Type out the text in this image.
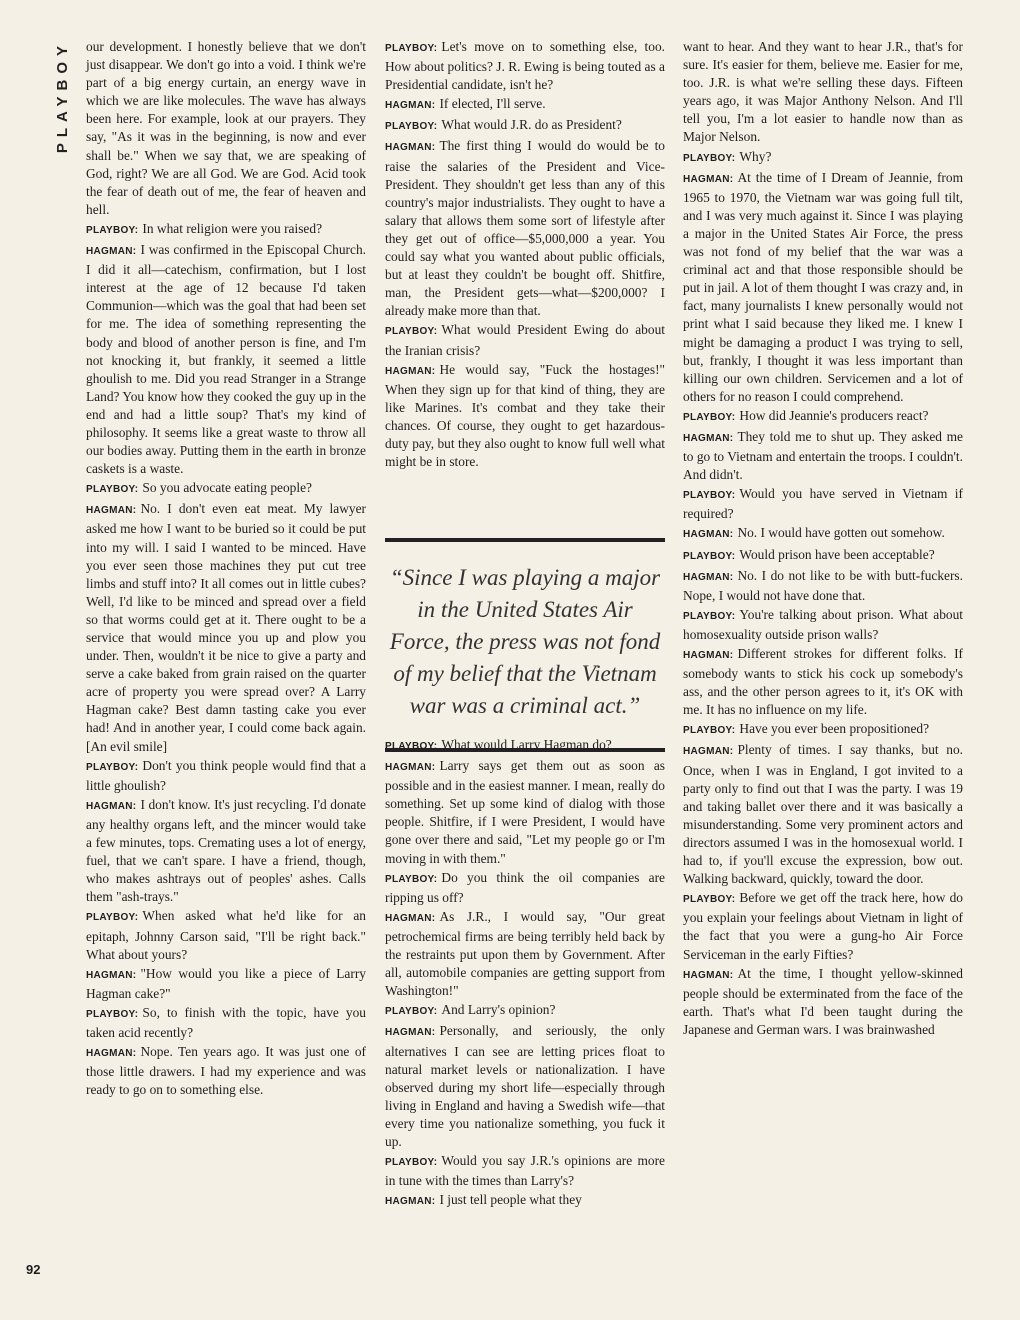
PLAYBOY
92

our development. I honestly believe that we don't just disappear. We don't go into a void. I think we're part of a big energy curtain, an energy wave in which we are like molecules. The wave has always been here. For example, look at our prayers. They say, "As it was in the beginning, is now and ever shall be." When we say that, we are speaking of God, right? We are all God. We are God. Acid took the fear of death out of me, the fear of heaven and hell.

PLAYBOY: In what religion were you raised?

HAGMAN: I was confirmed in the Episcopal Church. I did it all—catechism, confirmation, but I lost interest at the age of 12 because I'd taken Communion—which was the goal that had been set for me. The idea of something representing the body and blood of another person is fine, and I'm not knocking it, but frankly, it seemed a little ghoulish to me. Did you read Stranger in a Strange Land? You know how they cooked the guy up in the end and had a little soup? That's my kind of philosophy. It seems like a great waste to throw all our bodies away. Putting them in the earth in bronze caskets is a waste.

PLAYBOY: So you advocate eating people?

HAGMAN: No. I don't even eat meat. My lawyer asked me how I want to be buried so it could be put into my will. I said I wanted to be minced. Have you ever seen those machines they put cut tree limbs and stuff into? It all comes out in little cubes? Well, I'd like to be minced and spread over a field so that worms could get at it. There ought to be a service that would mince you up and plow you under. Then, wouldn't it be nice to give a party and serve a cake baked from grain raised on the quarter acre of property you were spread over? A Larry Hagman cake? Best damn tasting cake you ever had! And in another year, I could come back again. [An evil smile]

PLAYBOY: Don't you think people would find that a little ghoulish?

HAGMAN: I don't know. It's just recycling. I'd donate any healthy organs left, and the mincer would take a few minutes, tops. Cremating uses a lot of energy, fuel, that we can't spare. I have a friend, though, who makes ashtrays out of peoples' ashes. Calls them "ash-trays."

PLAYBOY: When asked what he'd like for an epitaph, Johnny Carson said, "I'll be right back." What about yours?

HAGMAN: "How would you like a piece of Larry Hagman cake?"

PLAYBOY: So, to finish with the topic, have you taken acid recently?

HAGMAN: Nope. Ten years ago. It was just one of those little drawers. I had my experience and was ready to go on to something else.

PLAYBOY: Let's move on to something else, too. How about politics? J. R. Ewing is being touted as a Presidential candidate, isn't he?

HAGMAN: If elected, I'll serve.

PLAYBOY: What would J.R. do as President?

HAGMAN: The first thing I would do would be to raise the salaries of the President and Vice-President. They shouldn't get less than any of this country's major industrialists. They ought to have a salary that allows them some sort of lifestyle after they get out of office—$5,000,000 a year. You could say what you wanted about public officials, but at least they couldn't be bought off. Shitfire, man, the President gets—what—$200,000? I already make more than that.

PLAYBOY: What would President Ewing do about the Iranian crisis?

HAGMAN: He would say, "Fuck the hostages!" When they sign up for that kind of thing, they are like Marines. It's combat and they take their chances. Of course, they ought to get hazardous-duty pay, but they also ought to know full well what might be in store.

“Since I was playing a major in the United States Air Force, the press was not fond of my belief that the Vietnam war was a criminal act.”

PLAYBOY: What would Larry Hagman do?

HAGMAN: Larry says get them out as soon as possible and in the easiest manner. I mean, really do something. Set up some kind of dialog with those people. Shitfire, if I were President, I would have gone over there and said, "Let my people go or I'm moving in with them."

PLAYBOY: Do you think the oil companies are ripping us off?

HAGMAN: As J.R., I would say, "Our great petrochemical firms are being terribly held back by the restraints put upon them by Government. After all, automobile companies are getting support from Washington!"

PLAYBOY: And Larry's opinion?

HAGMAN: Personally, and seriously, the only alternatives I can see are letting prices float to natural market levels or nationalization. I have observed during my short life—especially through living in England and having a Swedish wife—that every time you nationalize something, you fuck it up.

PLAYBOY: Would you say J.R.'s opinions are more in tune with the times than Larry's?

HAGMAN: I just tell people what they

want to hear. And they want to hear J.R., that's for sure. It's easier for them, believe me. Easier for me, too. J.R. is what we're selling these days. Fifteen years ago, it was Major Anthony Nelson. And I'll tell you, I'm a lot easier to handle now than as Major Nelson.

PLAYBOY: Why?

HAGMAN: At the time of I Dream of Jeannie, from 1965 to 1970, the Vietnam war was going full tilt, and I was very much against it. Since I was playing a major in the United States Air Force, the press was not fond of my belief that the war was a criminal act and that those responsible should be put in jail. A lot of them thought I was crazy and, in fact, many journalists I knew personally would not print what I said because they liked me. I knew I might be damaging a product I was trying to sell, but, frankly, I thought it was less important than killing our own children. Servicemen and a lot of others for no reason I could comprehend.

PLAYBOY: How did Jeannie's producers react?

HAGMAN: They told me to shut up. They asked me to go to Vietnam and entertain the troops. I couldn't. And didn't.

PLAYBOY: Would you have served in Vietnam if required?

HAGMAN: No. I would have gotten out somehow.

PLAYBOY: Would prison have been acceptable?

HAGMAN: No. I do not like to be with butt-fuckers. Nope, I would not have done that.

PLAYBOY: You're talking about prison. What about homosexuality outside prison walls?

HAGMAN: Different strokes for different folks. If somebody wants to stick his cock up somebody's ass, and the other person agrees to it, it's OK with me. It has no influence on my life.

PLAYBOY: Have you ever been propositioned?

HAGMAN: Plenty of times. I say thanks, but no. Once, when I was in England, I got invited to a party only to find out that I was the party. I was 19 and taking ballet over there and it was basically a misunderstanding. Some very prominent actors and directors assumed I was in the homosexual world. I had to, if you'll excuse the expression, bow out. Walking backward, quickly, toward the door.

PLAYBOY: Before we get off the track here, how do you explain your feelings about Vietnam in light of the fact that you were a gung-ho Air Force Serviceman in the early Fifties?

HAGMAN: At the time, I thought yellow-skinned people should be exterminated from the face of the earth. That's what I'd been taught during the Japanese and German wars. I was brainwashed
